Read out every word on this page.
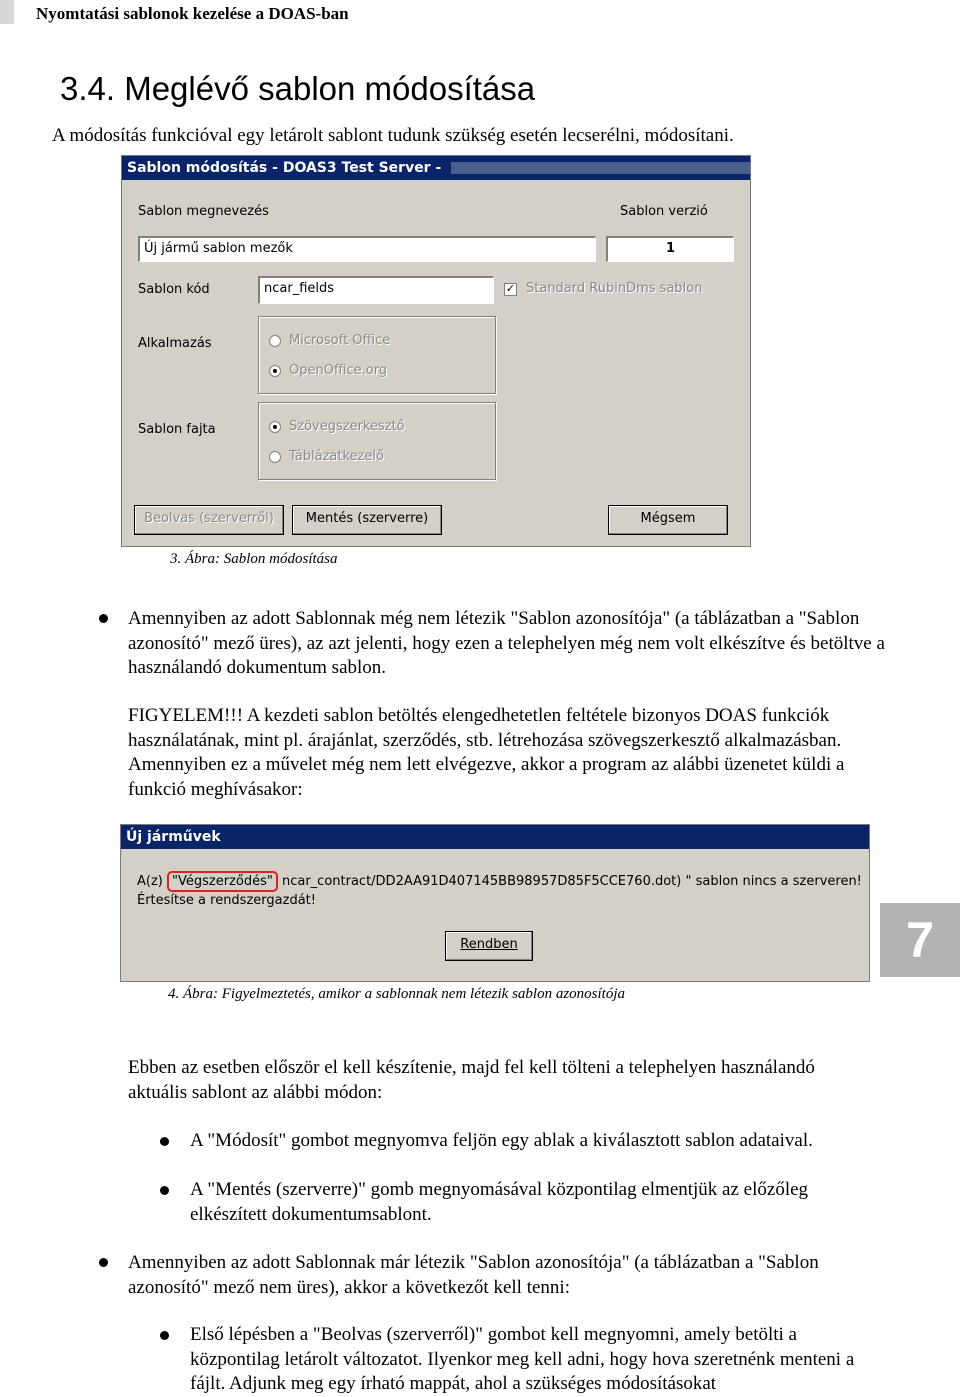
Nyomtatási sablonok kezelése a DOAS-ban
3.4. Meglévő sablon módosítása
A módosítás funkcióval egy letárolt sablont tudunk szükség esetén lecserélni, módosítani.
Sablon módosítás - DOAS3 Test Server -
Sablon megnevezés	Sablon verzió
Új jármű sablon mezők	1
Sablon kód	ncar_fields	✓ Standard RubinDms sablon
Alkalmazás	Microsoft Office
OpenOffice.org
Sablon fajta	Szövegszerkesztő
Táblázatkezelő
Beolvas (szerverről)	Mentés (szerverre)	Mégsem
3. Ábra: Sablon módosítása
Amennyiben az adott Sablonnak még nem létezik "Sablon azonosítója" (a táblázatban a "Sablon azonosító" mező üres), az azt jelenti, hogy ezen a telephelyen még nem volt elkészítve és betöltve a használandó dokumentum sablon.
FIGYELEM!!! A kezdeti sablon betöltés elengedhetetlen feltétele bizonyos DOAS funkciók használatának, mint pl. árajánlat, szerződés, stb. létrehozása szövegszerkesztő alkalmazásban. Amennyiben ez a művelet még nem lett elvégezve, akkor a program az alábbi üzenetet küldi a funkció meghívásakor:
Új járművek
A(z) "Végszerződés" ncar_contract/DD2AA91D407145BB98957D85F5CCE760.dot) " sablon nincs a szerveren!
Értesítse a rendszergazdát!
Rendben
4. Ábra: Figyelmeztetés, amikor a sablonnak nem létezik sablon azonosítója
7
Ebben az esetben először el kell készítenie, majd fel kell tölteni a telephelyen használandó aktuális sablont az alábbi módon:
A "Módosít" gombot megnyomva feljön egy ablak a kiválasztott sablon adataival.
A "Mentés (szerverre)" gomb megnyomásával központilag elmentjük az előzőleg elkészített dokumentumsablont.
Amennyiben az adott Sablonnak már létezik "Sablon azonosítója" (a táblázatban a "Sablon azonosító" mező nem üres), akkor a következőt kell tenni:
Első lépésben a "Beolvas (szerverről)" gombot kell megnyomni, amely betölti a központilag letárolt változatot. Ilyenkor meg kell adni, hogy hova szeretnénk menteni a fájlt. Adjunk meg egy írható mappát, ahol a szükséges módosításokat
